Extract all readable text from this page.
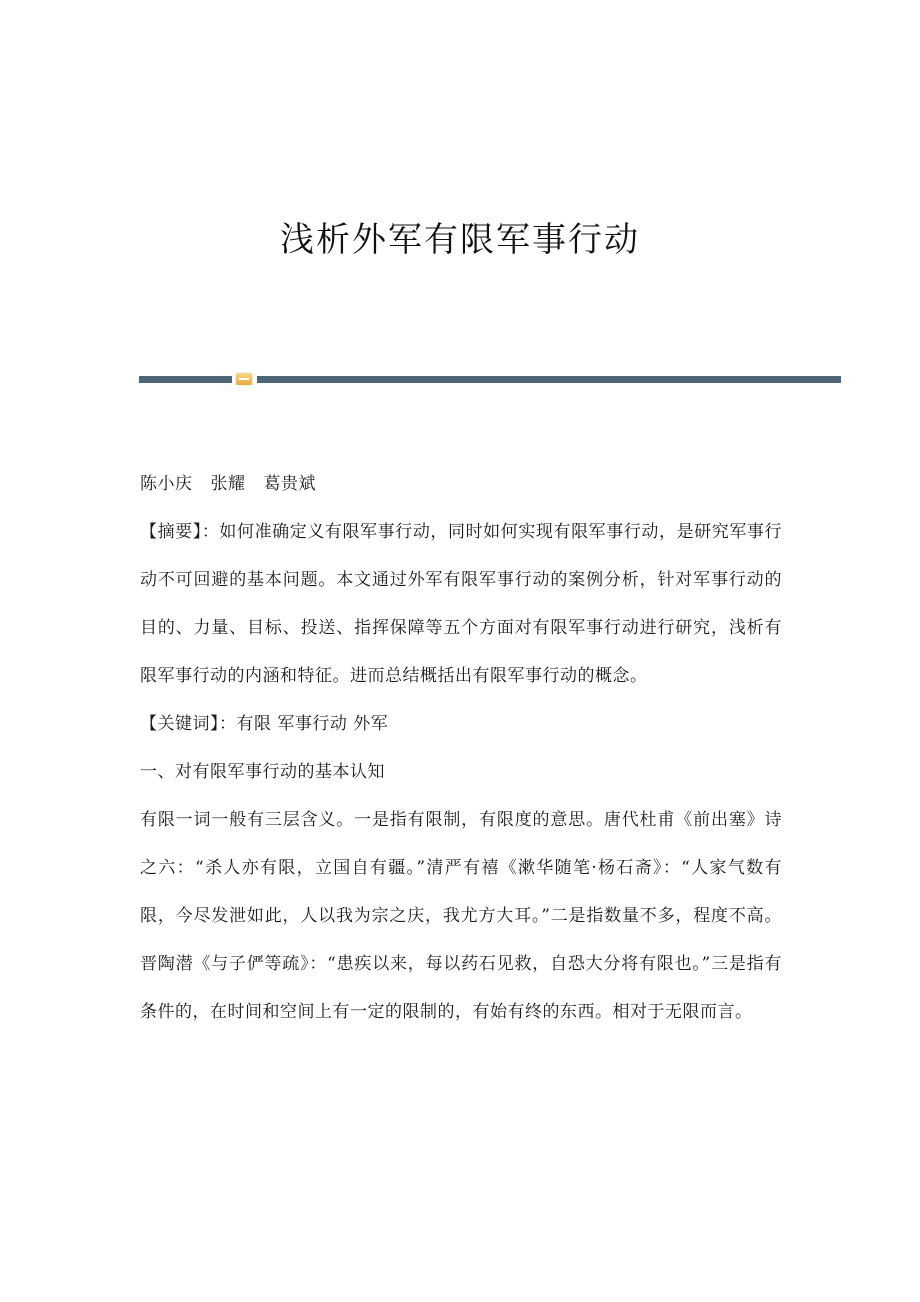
浅析外军有限军事行动

陈小庆 张耀 葛贵斌

【摘要】：如何准确定义有限军事行动，同时如何实现有限军事行动，是研究军事行动不可回避的基本问题。本文通过外军有限军事行动的案例分析，针对军事行动的目的、力量、目标、投送、指挥保障等五个方面对有限军事行动进行研究，浅析有限军事行动的内涵和特征。进而总结概括出有限军事行动的概念。

【关键词】：有限 军事行动 外军

一、对有限军事行动的基本认知

有限一词一般有三层含义。一是指有限制，有限度的意思。唐代杜甫《前出塞》诗之六：“杀人亦有限，立国自有疆。”清严有禧《漱华随笔·杨石斋》：“人家气数有限，今尽发泄如此，人以我为宗之庆，我尤方大耳。”二是指数量不多，程度不高。晋陶潜《与子俨等疏》：“患疾以来，每以药石见救，自恐大分将有限也。”三是指有条件的，在时间和空间上有一定的限制的，有始有终的东西。相对于无限而言。
